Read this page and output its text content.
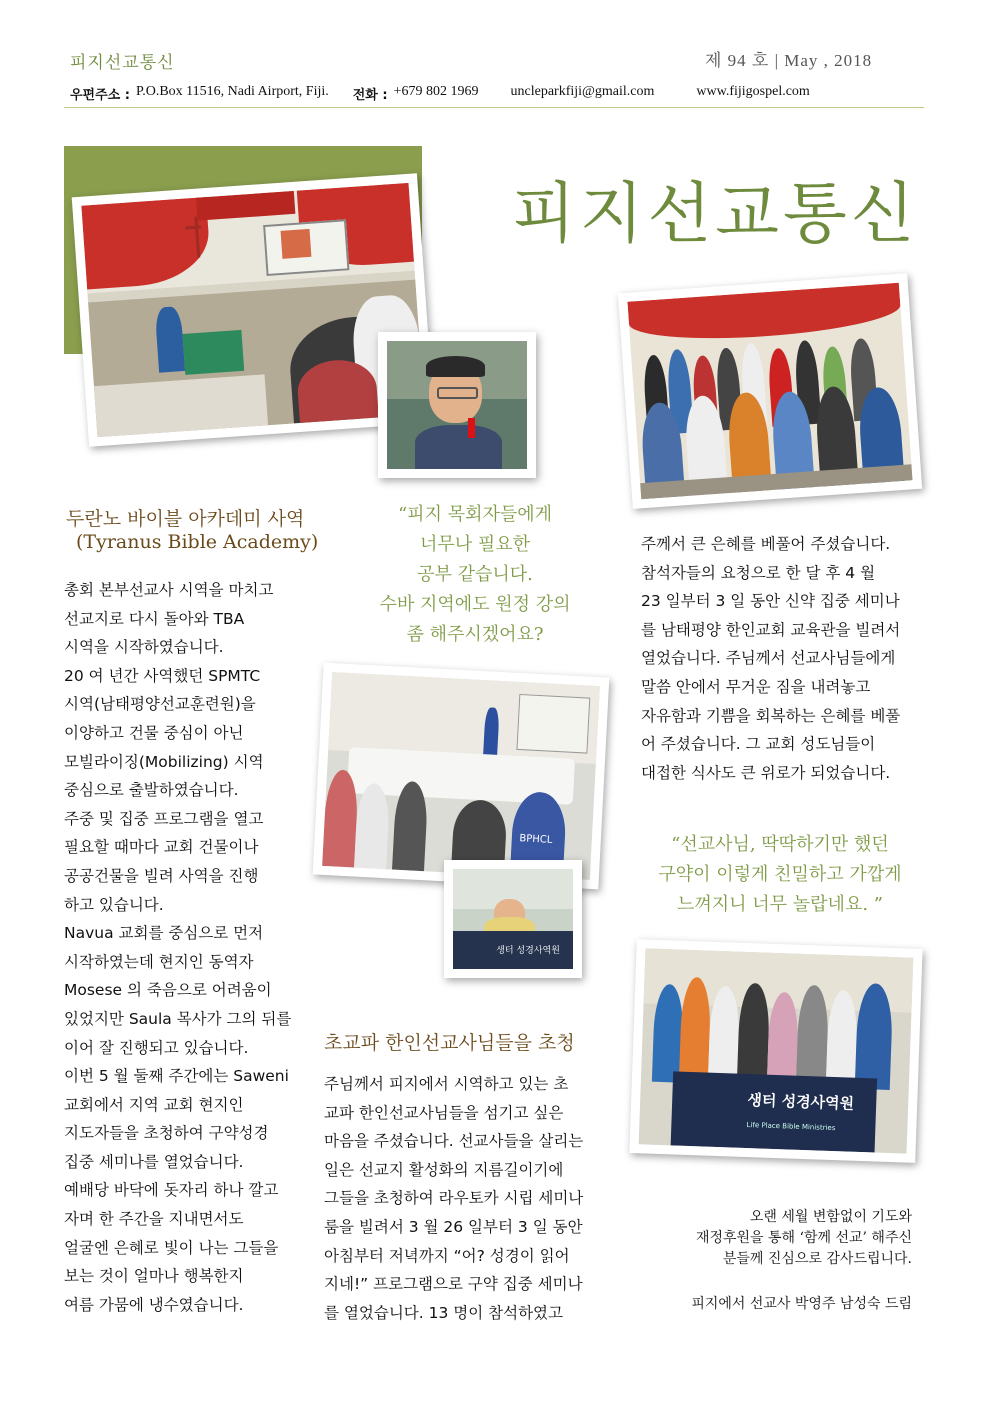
피지선교통신	제 94 호 | May , 2018
우편주소 : P.O.Box 11516, Nadi Airport, Fiji. 전화 : +679 802 1969 uncleparkfiji@gmail.com	www.fijigospel.com
피지선교통신
두란노 바이블 아카데미 사역
(Tyranus Bible Academy)
총회 본부선교사 시역을 마치고
선교지로 다시 돌아와 TBA
시역을 시작하였습니다.
20 여 년간 사역했던 SPMTC
시역(남태평양선교훈련원)을
이양하고 건물 중심이 아닌
모빌라이징(Mobilizing) 시역
중심으로 출발하였습니다.
주중 및 집중 프로그램을 열고
필요할 때마다 교회 건물이나
공공건물을 빌려 사역을 진행
하고 있습니다.
Navua 교회를 중심으로 먼저
시작하였는데 현지인 동역자
Mosese 의 죽음으로 어려움이
있었지만 Saula 목사가 그의 뒤를
이어 잘 진행되고 있습니다.
이번 5 월 둘째 주간에는 Saweni
교회에서 지역 교회 현지인
지도자들을 초청하여 구약성경
집중 세미나를 열었습니다.
예배당 바닥에 돗자리 하나 깔고
자며 한 주간을 지내면서도
얼굴엔 은혜로 빛이 나는 그들을
보는 것이 얼마나 행복한지
여름 가뭄에 냉수였습니다.
“피지 목회자들에게
너무나 필요한
공부 같습니다.
수바 지역에도 원정 강의
좀 해주시겠어요?
BPHCL
생터 성경사역원
초교파 한인선교사님들을 초청
주님께서 피지에서 시역하고 있는 초
교파 한인선교사님들을 섬기고 싶은
마음을 주셨습니다. 선교사들을 살리는
일은 선교지 활성화의 지름길이기에
그들을 초청하여 라우토카 시립 세미나
룸을 빌려서 3 월 26 일부터 3 일 동안
아침부터 저녁까지 “어? 성경이 읽어
지네!” 프로그램으로 구약 집중 세미나
를 열었습니다. 13 명이 참석하였고
주께서 큰 은혜를 베풀어 주셨습니다.
참석자들의 요청으로 한 달 후 4 월
23 일부터 3 일 동안 신약 집중 세미나
를 남태평양 한인교회 교육관을 빌려서
열었습니다. 주님께서 선교사님들에게
말씀 안에서 무거운 짐을 내려놓고
자유함과 기쁨을 회복하는 은혜를 베풀
어 주셨습니다. 그 교회 성도님들이
대접한 식사도 큰 위로가 되었습니다.
“선교사님, 딱딱하기만 했던
구약이 이렇게 친밀하고 가깝게
느껴지니 너무 놀랍네요. ”
생터 성경사역원
Life Place Bible Ministries
오랜 세월 변함없이 기도와
재정후원을 통해 ‘함께 선교’ 해주신
분들께 진심으로 감사드립니다.
피지에서 선교사 박영주 남성숙 드림
